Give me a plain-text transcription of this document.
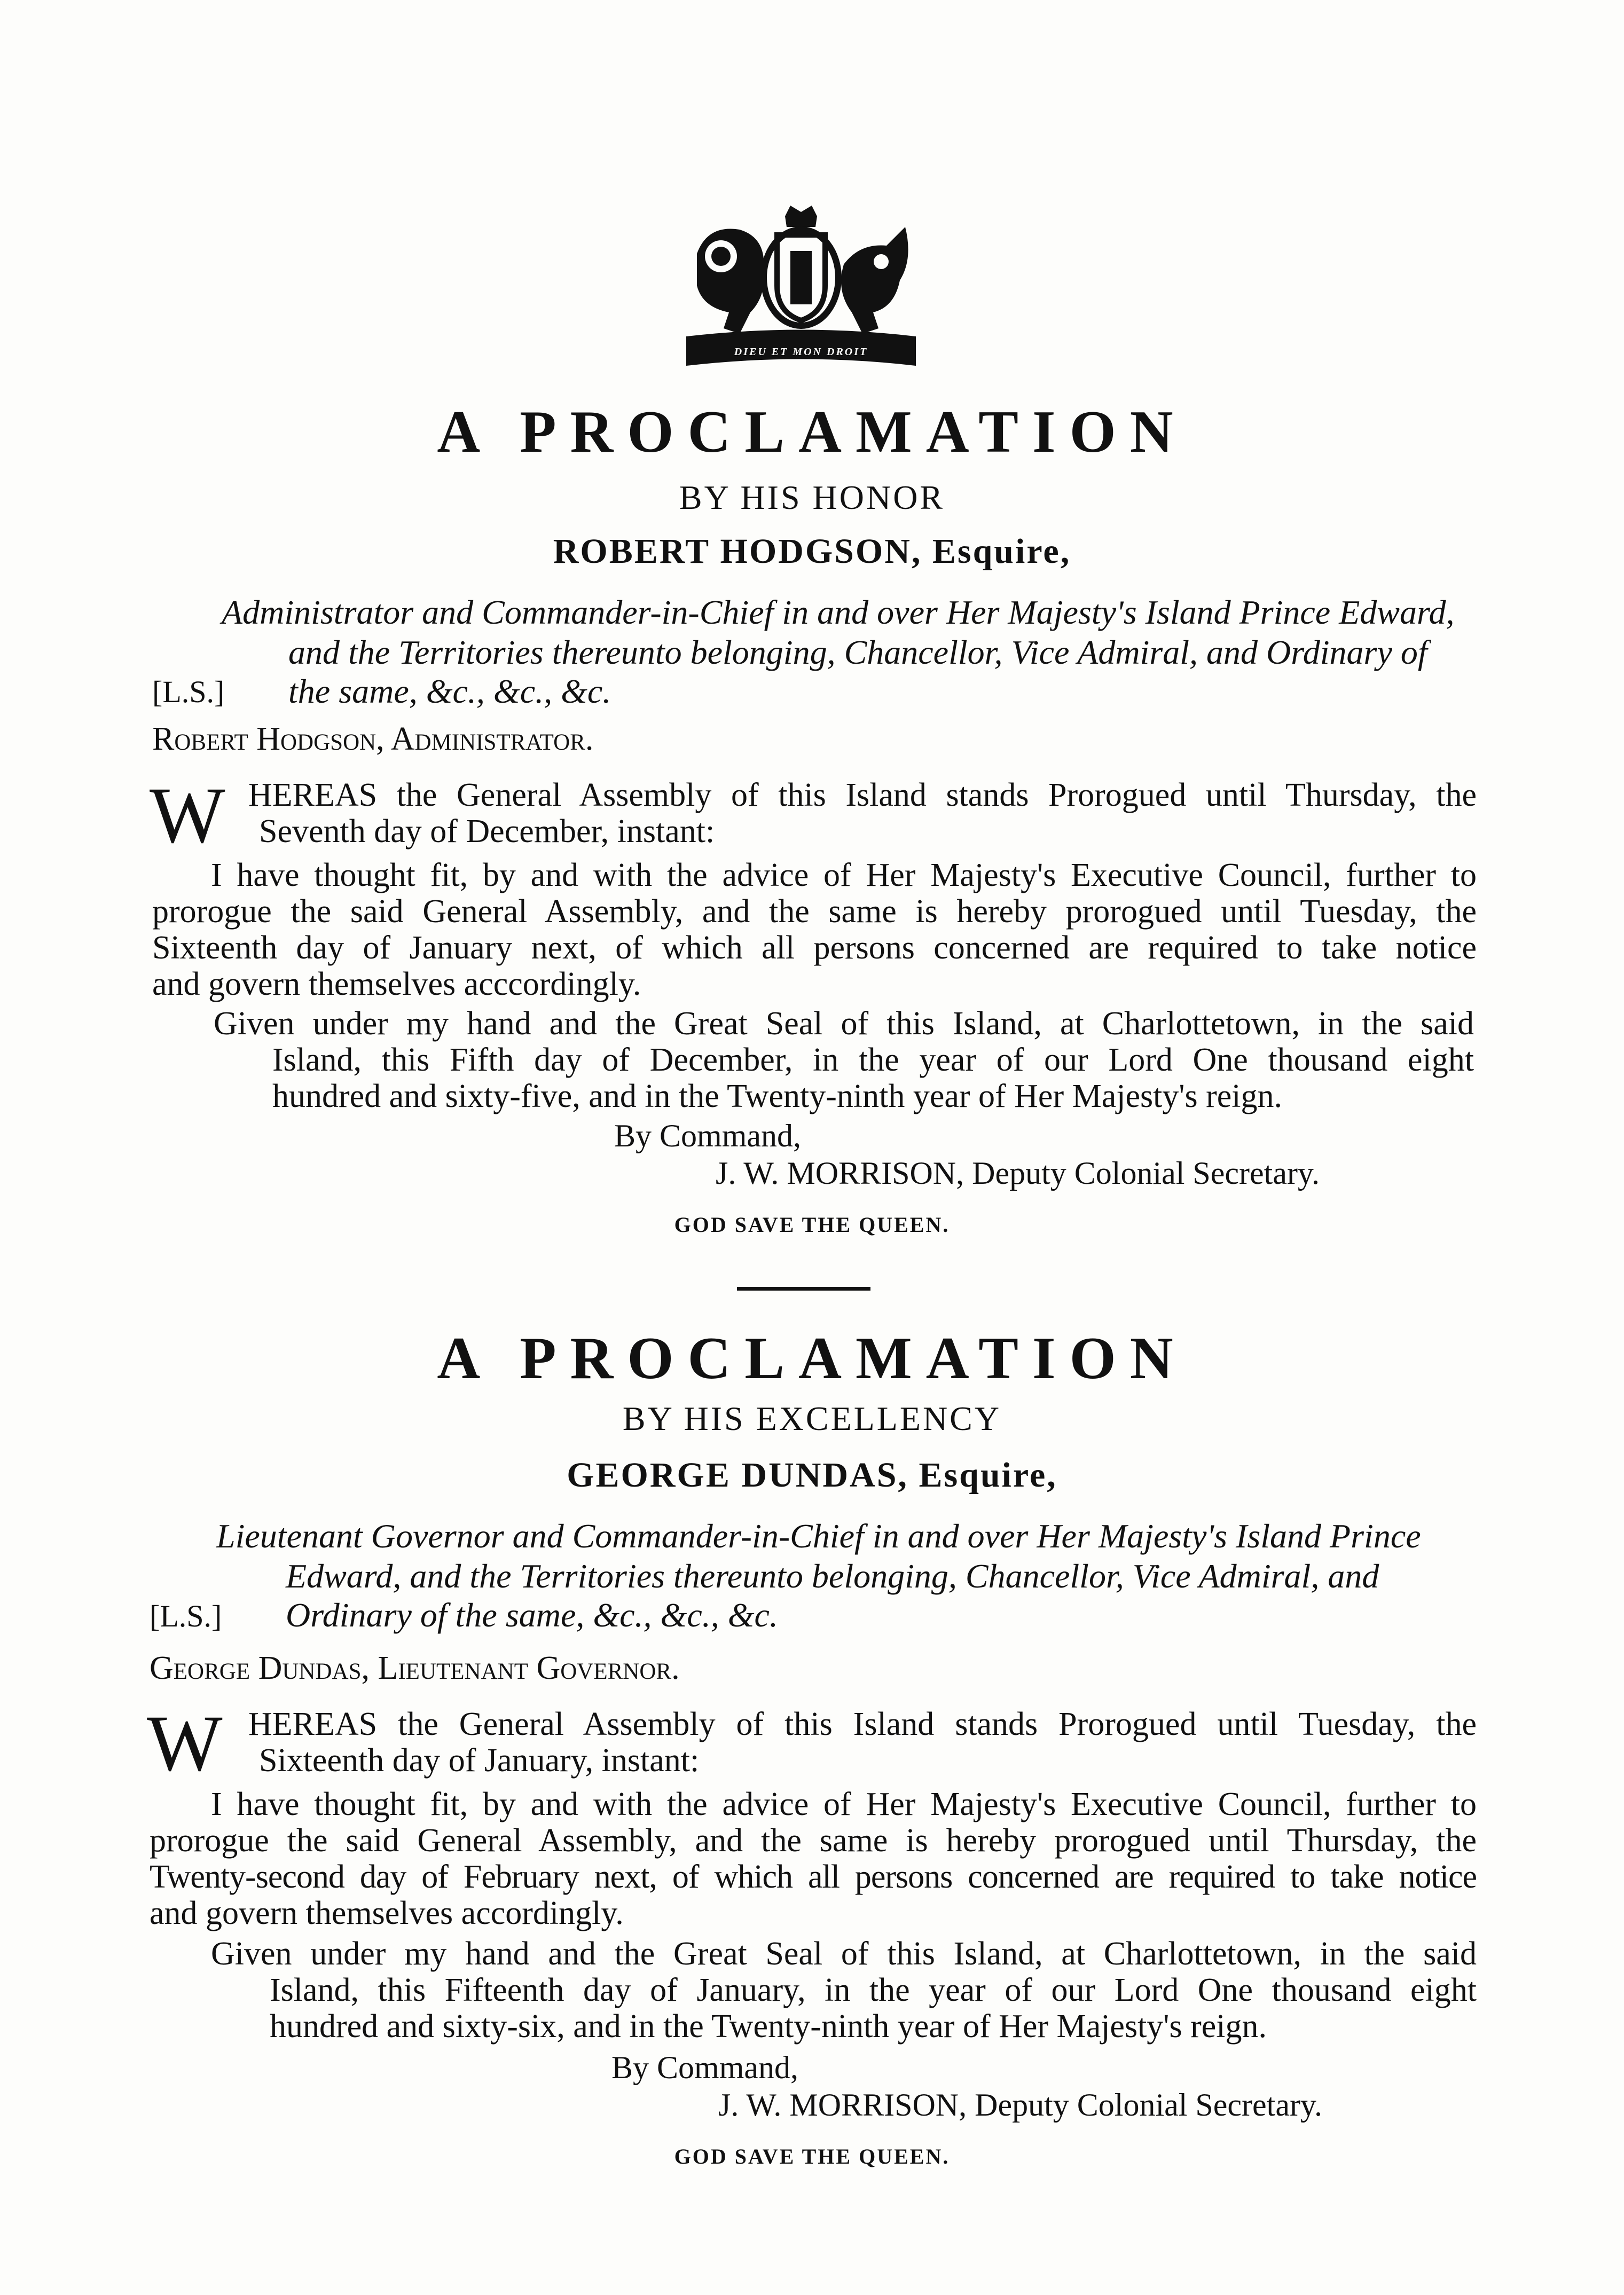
DIEU ET MON DROIT
A PROCLAMATION
BY HIS HONOR
ROBERT HODGSON, Esquire,
Administrator and Commander-in-Chief in and over Her Majesty's Island Prince Edward,
and the Territories thereunto belonging, Chancellor, Vice Admiral, and Ordinary of
[L.S.] the same, &c., &c., &c.
Robert Hodgson, Administrator.
W HEREAS the General Assembly of this Island stands Prorogued until Thursday, the
Seventh day of December, instant:
I have thought fit, by and with the advice of Her Majesty's Executive Council, further to
prorogue the said General Assembly, and the same is hereby prorogued until Tuesday, the
Sixteenth day of January next, of which all persons concerned are required to take notice
and govern themselves acccordingly.
Given under my hand and the Great Seal of this Island, at Charlottetown, in the said
Island, this Fifth day of December, in the year of our Lord One thousand eight
hundred and sixty-five, and in the Twenty-ninth year of Her Majesty's reign.
By Command,
J. W. MORRISON, Deputy Colonial Secretary.
GOD SAVE THE QUEEN.
A PROCLAMATION
BY HIS EXCELLENCY
GEORGE DUNDAS, Esquire,
Lieutenant Governor and Commander-in-Chief in and over Her Majesty's Island Prince
Edward, and the Territories thereunto belonging, Chancellor, Vice Admiral, and
[L.S.] Ordinary of the same, &c., &c., &c.
George Dundas, Lieutenant Governor.
W HEREAS the General Assembly of this Island stands Prorogued until Tuesday, the
Sixteenth day of January, instant:
I have thought fit, by and with the advice of Her Majesty's Executive Council, further to
prorogue the said General Assembly, and the same is hereby prorogued until Thursday, the
Twenty-second day of February next, of which all persons concerned are required to take notice
and govern themselves accordingly.
Given under my hand and the Great Seal of this Island, at Charlottetown, in the said
Island, this Fifteenth day of January, in the year of our Lord One thousand eight
hundred and sixty-six, and in the Twenty-ninth year of Her Majesty's reign.
By Command,
J. W. MORRISON, Deputy Colonial Secretary.
GOD SAVE THE QUEEN.
